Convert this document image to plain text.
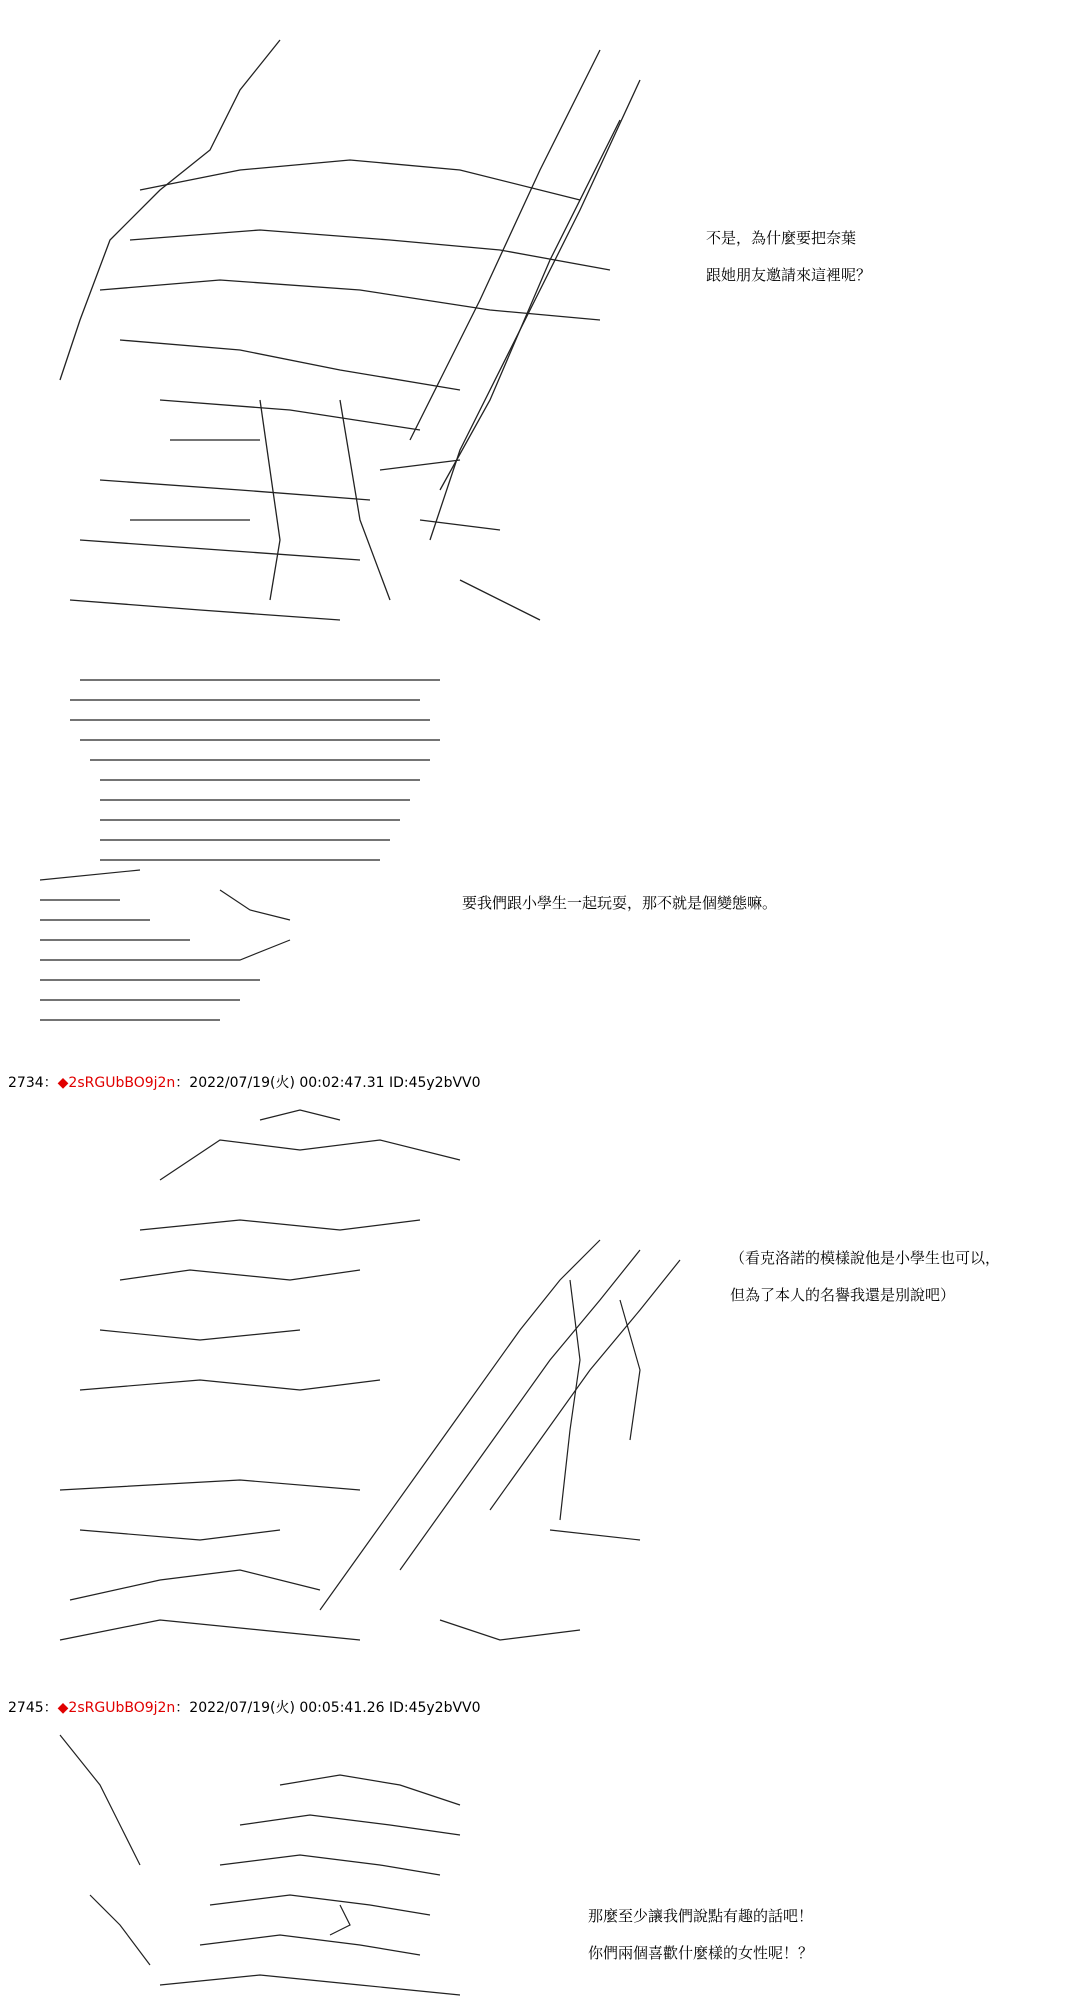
不是，為什麼要把奈葉
跟她朋友邀請來這裡呢？
要我們跟小學生一起玩耍，那不就是個變態嘛。
2734：◆2sRGUbBO9j2n：2022/07/19(火) 00:02:47.31 ID:45y2bVV0
（看克洛諾的模樣說他是小學生也可以，
但為了本人的名譽我還是別說吧）
2745：◆2sRGUbBO9j2n：2022/07/19(火) 00:05:41.26 ID:45y2bVV0
那麼至少讓我們說點有趣的話吧！
你們兩個喜歡什麼樣的女性呢！？
